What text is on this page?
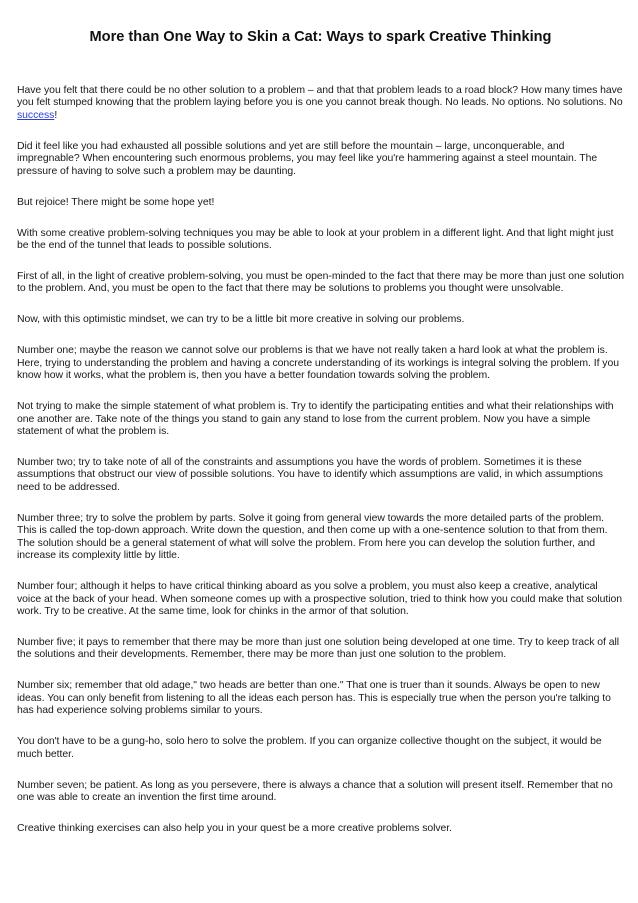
More than One Way to Skin a Cat: Ways to spark Creative Thinking

Have you felt that there could be no other solution to a problem – and that that problem leads to a road block? How many times have you felt stumped knowing that the problem laying before you is one you cannot break though. No leads. No options. No solutions. No success!

Did it feel like you had exhausted all possible solutions and yet are still before the mountain – large, unconquerable, and impregnable? When encountering such enormous problems, you may feel like you're hammering against a steel mountain. The pressure of having to solve such a problem may be daunting.

But rejoice! There might be some hope yet!

With some creative problem-solving techniques you may be able to look at your problem in a different light. And that light might just be the end of the tunnel that leads to possible solutions.

First of all, in the light of creative problem-solving, you must be open-minded to the fact that there may be more than just one solution to the problem. And, you must be open to the fact that there may be solutions to problems you thought were unsolvable.

Now, with this optimistic mindset, we can try to be a little bit more creative in solving our problems.

Number one; maybe the reason we cannot solve our problems is that we have not really taken a hard look at what the problem is. Here, trying to understanding the problem and having a concrete understanding of its workings is integral solving the problem. If you know how it works, what the problem is, then you have a better foundation towards solving the problem.

Not trying to make the simple statement of what problem is. Try to identify the participating entities and what their relationships with one another are. Take note of the things you stand to gain any stand to lose from the current problem. Now you have a simple statement of what the problem is.

Number two; try to take note of all of the constraints and assumptions you have the words of problem. Sometimes it is these assumptions that obstruct our view of possible solutions. You have to identify which assumptions are valid, in which assumptions need to be addressed.

Number three; try to solve the problem by parts. Solve it going from general view towards the more detailed parts of the problem. This is called the top-down approach. Write down the question, and then come up with a one-sentence solution to that from them. The solution should be a general statement of what will solve the problem. From here you can develop the solution further, and increase its complexity little by little.

Number four; although it helps to have critical thinking aboard as you solve a problem, you must also keep a creative, analytical voice at the back of your head. When someone comes up with a prospective solution, tried to think how you could make that solution work. Try to be creative. At the same time, look for chinks in the armor of that solution.

Number five; it pays to remember that there may be more than just one solution being developed at one time. Try to keep track of all the solutions and their developments. Remember, there may be more than just one solution to the problem.

Number six; remember that old adage," two heads are better than one." That one is truer than it sounds. Always be open to new ideas. You can only benefit from listening to all the ideas each person has. This is especially true when the person you're talking to has had experience solving problems similar to yours.

You don't have to be a gung-ho, solo hero to solve the problem. If you can organize collective thought on the subject, it would be much better.

Number seven; be patient. As long as you persevere, there is always a chance that a solution will present itself. Remember that no one was able to create an invention the first time around.

Creative thinking exercises can also help you in your quest be a more creative problems solver.
